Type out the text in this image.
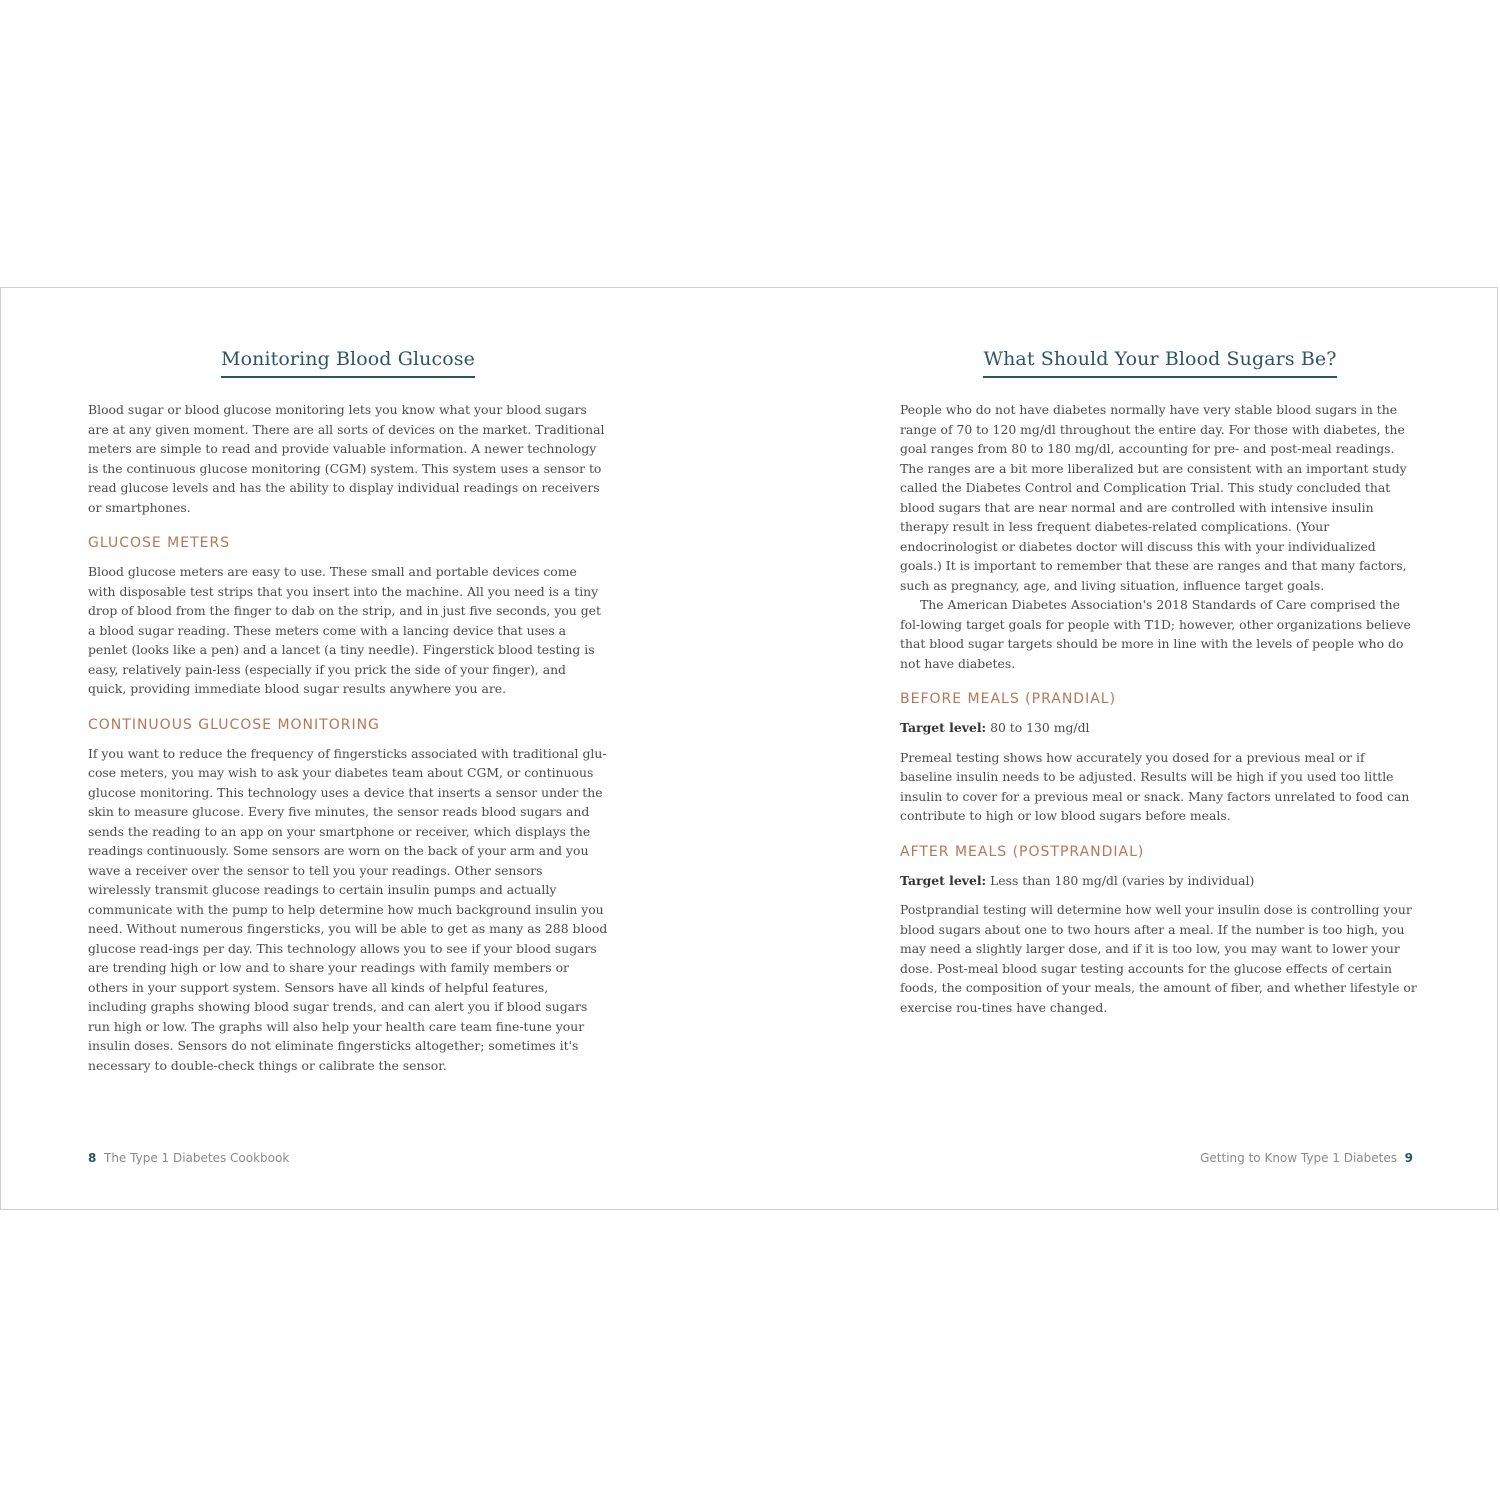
Monitoring Blood Glucose

Blood sugar or blood glucose monitoring lets you know what your blood sugars are at any given moment. There are all sorts of devices on the market. Traditional meters are simple to read and provide valuable information. A newer technology is the continuous glucose monitoring (CGM) system. This system uses a sensor to read glucose levels and has the ability to display individual readings on receivers or smartphones.

GLUCOSE METERS

Blood glucose meters are easy to use. These small and portable devices come with disposable test strips that you insert into the machine. All you need is a tiny drop of blood from the finger to dab on the strip, and in just five seconds, you get a blood sugar reading. These meters come with a lancing device that uses a penlet (looks like a pen) and a lancet (a tiny needle). Fingerstick blood testing is easy, relatively pain-less (especially if you prick the side of your finger), and quick, providing immediate blood sugar results anywhere you are.

CONTINUOUS GLUCOSE MONITORING

If you want to reduce the frequency of fingersticks associated with traditional glu-cose meters, you may wish to ask your diabetes team about CGM, or continuous glucose monitoring. This technology uses a device that inserts a sensor under the skin to measure glucose. Every five minutes, the sensor reads blood sugars and sends the reading to an app on your smartphone or receiver, which displays the readings continuously. Some sensors are worn on the back of your arm and you wave a receiver over the sensor to tell you your readings. Other sensors wirelessly transmit glucose readings to certain insulin pumps and actually communicate with the pump to help determine how much background insulin you need. Without numerous fingersticks, you will be able to get as many as 288 blood glucose read-ings per day. This technology allows you to see if your blood sugars are trending high or low and to share your readings with family members or others in your support system. Sensors have all kinds of helpful features, including graphs showing blood sugar trends, and can alert you if blood sugars run high or low. The graphs will also help your health care team fine-tune your insulin doses. Sensors do not eliminate fingersticks altogether; sometimes it's necessary to double-check things or calibrate the sensor.

8 The Type 1 Diabetes Cookbook
What Should Your Blood Sugars Be?

People who do not have diabetes normally have very stable blood sugars in the range of 70 to 120 mg/dl throughout the entire day. For those with diabetes, the goal ranges from 80 to 180 mg/dl, accounting for pre- and post-meal readings. The ranges are a bit more liberalized but are consistent with an important study called the Diabetes Control and Complication Trial. This study concluded that blood sugars that are near normal and are controlled with intensive insulin therapy result in less frequent diabetes-related complications. (Your endocrinologist or diabetes doctor will discuss this with your individualized goals.) It is important to remember that these are ranges and that many factors, such as pregnancy, age, and living situation, influence target goals.

The American Diabetes Association's 2018 Standards of Care comprised the fol-lowing target goals for people with T1D; however, other organizations believe that blood sugar targets should be more in line with the levels of people who do not have diabetes.

BEFORE MEALS (PRANDIAL)

Target level: 80 to 130 mg/dl

Premeal testing shows how accurately you dosed for a previous meal or if baseline insulin needs to be adjusted. Results will be high if you used too little insulin to cover for a previous meal or snack. Many factors unrelated to food can contribute to high or low blood sugars before meals.

AFTER MEALS (POSTPRANDIAL)

Target level: Less than 180 mg/dl (varies by individual)

Postprandial testing will determine how well your insulin dose is controlling your blood sugars about one to two hours after a meal. If the number is too high, you may need a slightly larger dose, and if it is too low, you may want to lower your dose. Post-meal blood sugar testing accounts for the glucose effects of certain foods, the composition of your meals, the amount of fiber, and whether lifestyle or exercise rou-tines have changed.

Getting to Know Type 1 Diabetes 9
